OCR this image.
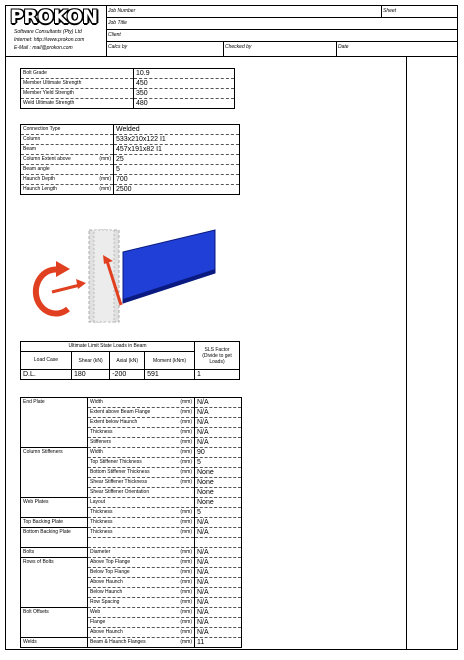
PROKON
Software Consultants (Pty) Ltd
Internet: http://www.prokon.com
E-Mail : mail@prokon.com
Job Number	Sheet
Job Title
Client
Calcs by	Checked by	Date
Bolt Grade	10.9
Member Ultimate Strength	450
Member Yield Strength	350
Weld Ultimate Strength	480
Connection Type	Welded
Column	533x210x122 I1
Beam	457x191x82 I1
Column Extent above (mm)	25
Beam angle	5
Haunch Depth (mm)	700
Haunch Length (mm)	2500
Ultimate Limit State Loads in Beam				SLS Factor (Divide to get Loads)
Load Case	Shear (kN)	Axial (kN)	Moment (kNm)	
D.L.	180	-200	591	1
End Plate	Width (mm)	N/A
	Extent above Beam Flange (mm)	N/A
	Extent below Haunch (mm)	N/A
	Thickness (mm)	N/A
	Stiffeners (mm)	N/A
Column Stiffeners	Width (mm)	90
	Top Stiffener Thickness (mm)	5
	Bottom Stiffener Thickness (mm)	None
	Shear Stiffener Thickness (mm)	None
	Shear Stiffener Orientation	None
Web Plates	Layout	None
	Thickness (mm)	5
Top Backing Plate	Thickness (mm)	N/A
Bottom Backing Plate	Thickness (mm)	N/A

Bolts	Diameter (mm)	N/A
Rows of Bolts	Above Top Flange (mm)	N/A
	Below Top Flange (mm)	N/A
	Above Haunch (mm)	N/A
	Below Haunch (mm)	N/A
	Row Spacing (mm)	N/A
Bolt Offsets	Web (mm)	N/A
	Flange (mm)	N/A
	Above Haunch (mm)	N/A
Welds	Beam & Haunch Flanges (mm)	11
